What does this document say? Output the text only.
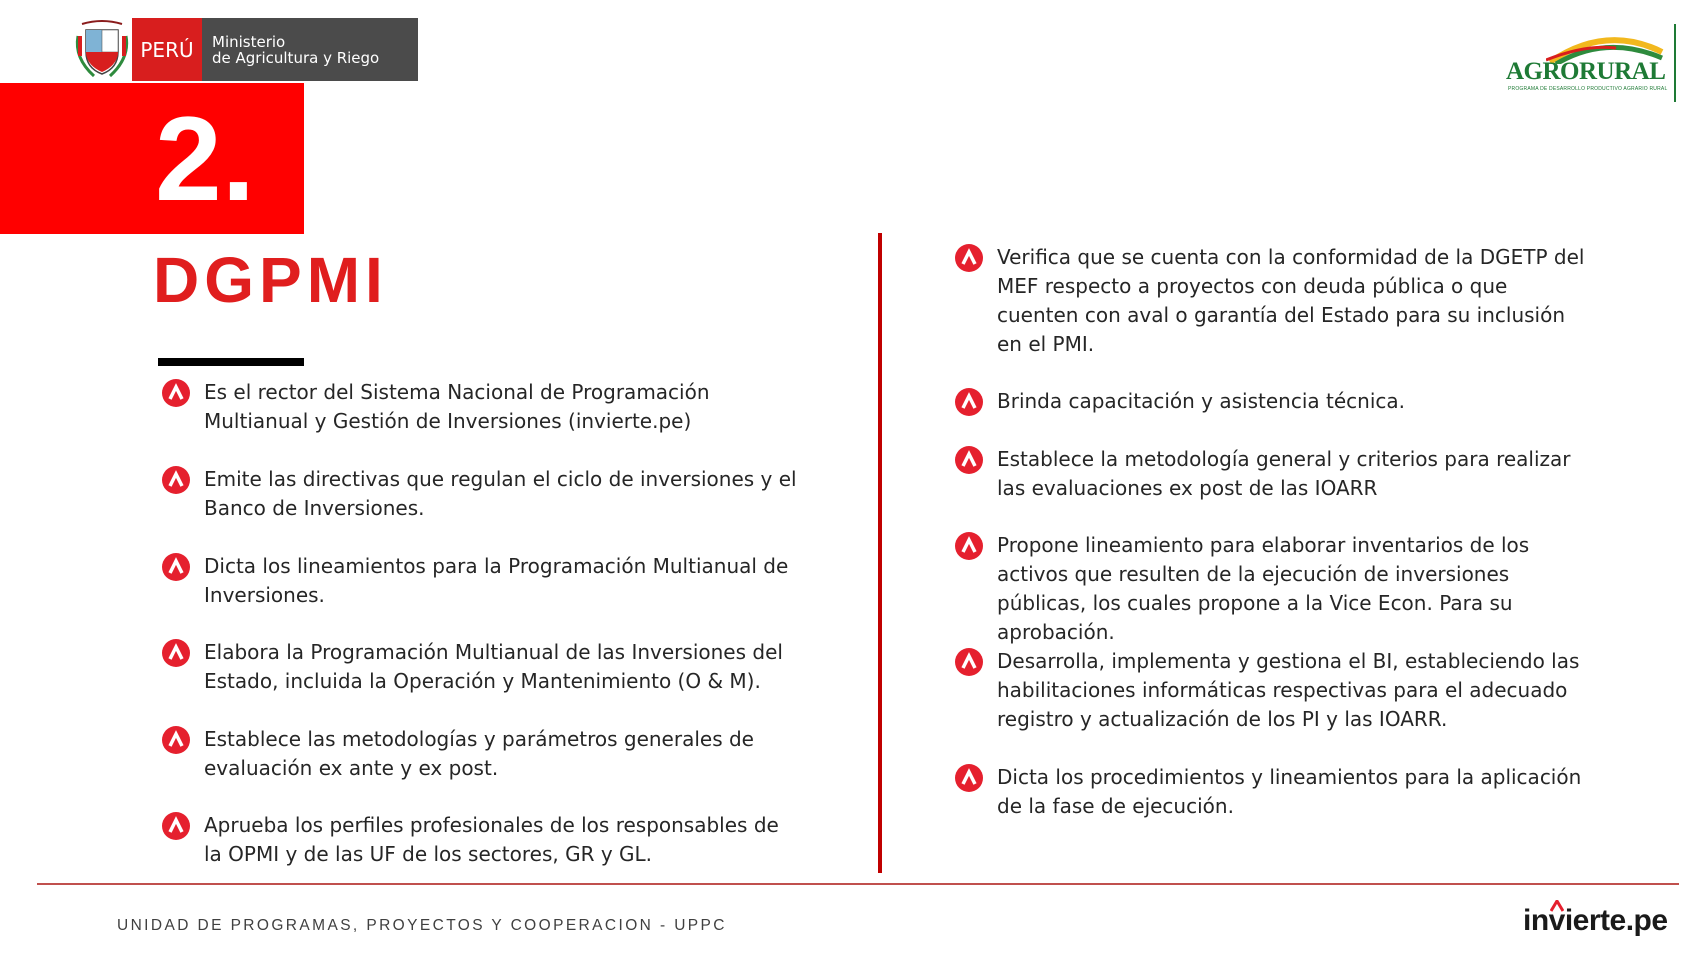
PERÚ	Ministerio
de Agricultura y Riego
AGRORURAL
PROGRAMA DE DESARROLLO PRODUCTIVO AGRARIO RURAL
2.
DGPMI
Es el rector del Sistema Nacional de Programación Multianual y Gestión de Inversiones (invierte.pe)
Emite las directivas que regulan el ciclo de inversiones y el Banco de Inversiones.
Dicta los lineamientos para la Programación Multianual de Inversiones.
Elabora la Programación Multianual de las Inversiones del Estado, incluida la Operación y Mantenimiento (O & M).
Establece las metodologías y parámetros generales de evaluación ex ante y ex post.
Aprueba los perfiles profesionales de los responsables de la OPMI y de las UF de los sectores, GR y GL.
Verifica que se cuenta con la conformidad de la DGETP del MEF respecto a proyectos con deuda pública o que cuenten con aval o garantía del Estado para su inclusión en el PMI.
Brinda capacitación y asistencia técnica.
Establece la metodología general y criterios para realizar las evaluaciones ex post de las IOARR
Propone lineamiento para elaborar inventarios de los activos que resulten de la ejecución de inversiones públicas, los cuales propone a la Vice Econ. Para su aprobación.
Desarrolla, implementa y gestiona el BI, estableciendo las habilitaciones informáticas respectivas para el adecuado registro y actualización de los PI y las IOARR.
Dicta los procedimientos y lineamientos para la aplicación de la fase de ejecución.
UNIDAD DE PROGRAMAS, PROYECTOS Y COOPERACION - UPPC	invierte.pe
